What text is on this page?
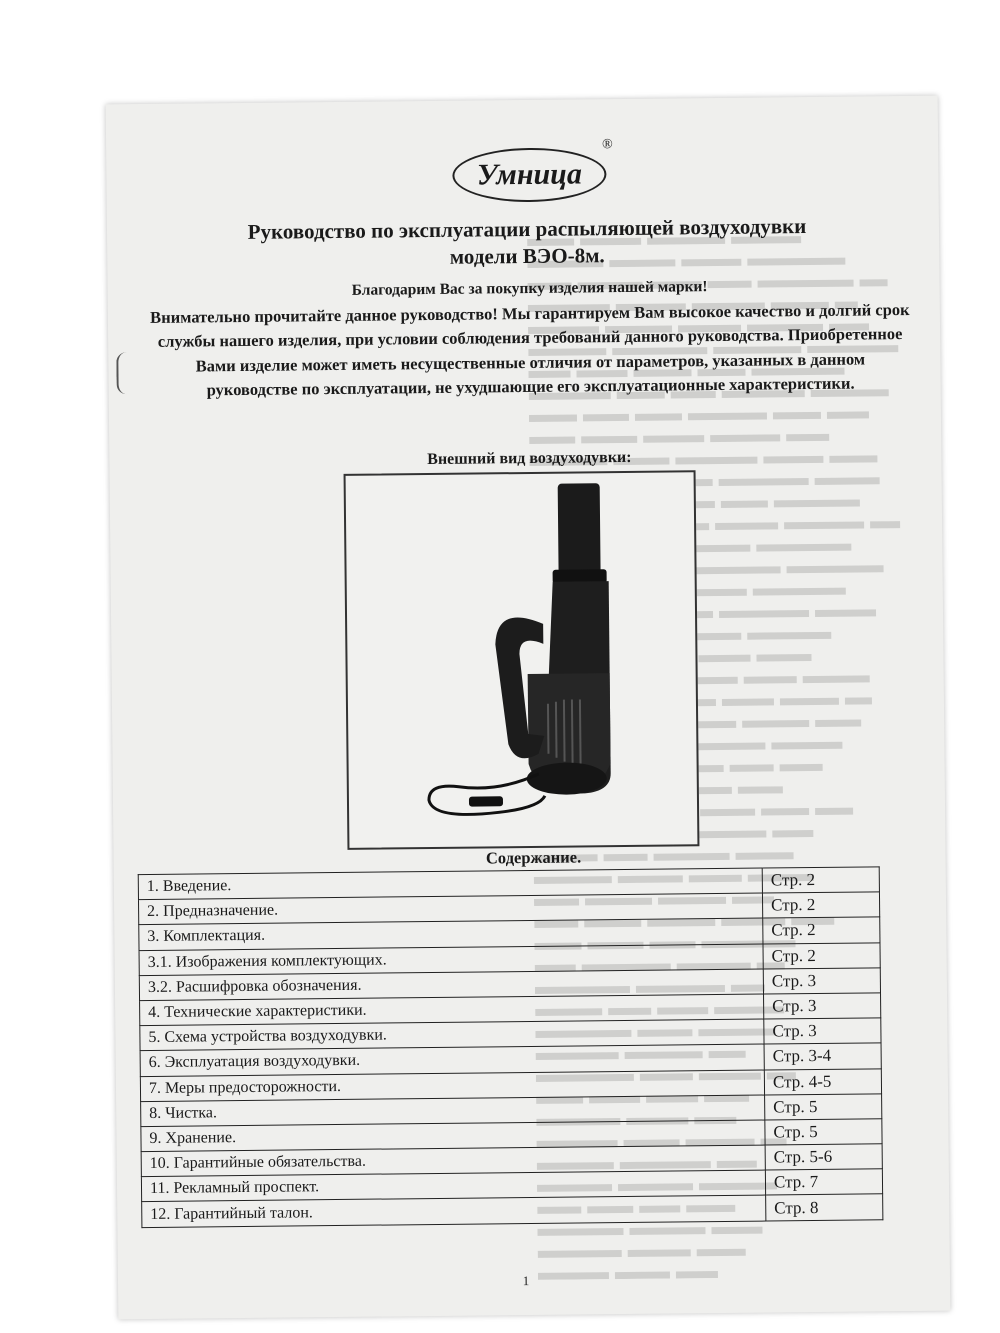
Умница
®
Руководство по эксплуатации распыляющей воздуходувки
модели ВЭО-8м.
Благодарим Вас за покупку изделия нашей марки!
Внимательно прочитайте данное руководство! Мы гарантируем Вам высокое качество и долгий срок службы нашего изделия, при условии соблюдения требований данного руководства. Приобретенное Вами изделие может иметь несущественные отличия от параметров, указанных в данном руководстве по эксплуатации, не ухудшающие его эксплуатационные характеристики.
Внешний вид воздуходувки:
Содержание.
1. Введение.	Стр. 2
2. Предназначение.	Стр. 2
3. Комплектация.	Стр. 2
3.1. Изображения комплектующих.	Стр. 2
3.2. Расшифровка обозначения.	Стр. 3
4. Технические характеристики.	Стр. 3
5. Схема устройства воздуходувки.	Стр. 3
6. Эксплуатация воздуходувки.	Стр. 3-4
7. Меры предосторожности.	Стр. 4-5
8. Чистка.	Стр. 5
9. Хранение.	Стр. 5
10. Гарантийные обязательства.	Стр. 5-6
11. Рекламный проспект.	Стр. 7
12. Гарантийный талон.	Стр. 8
1
